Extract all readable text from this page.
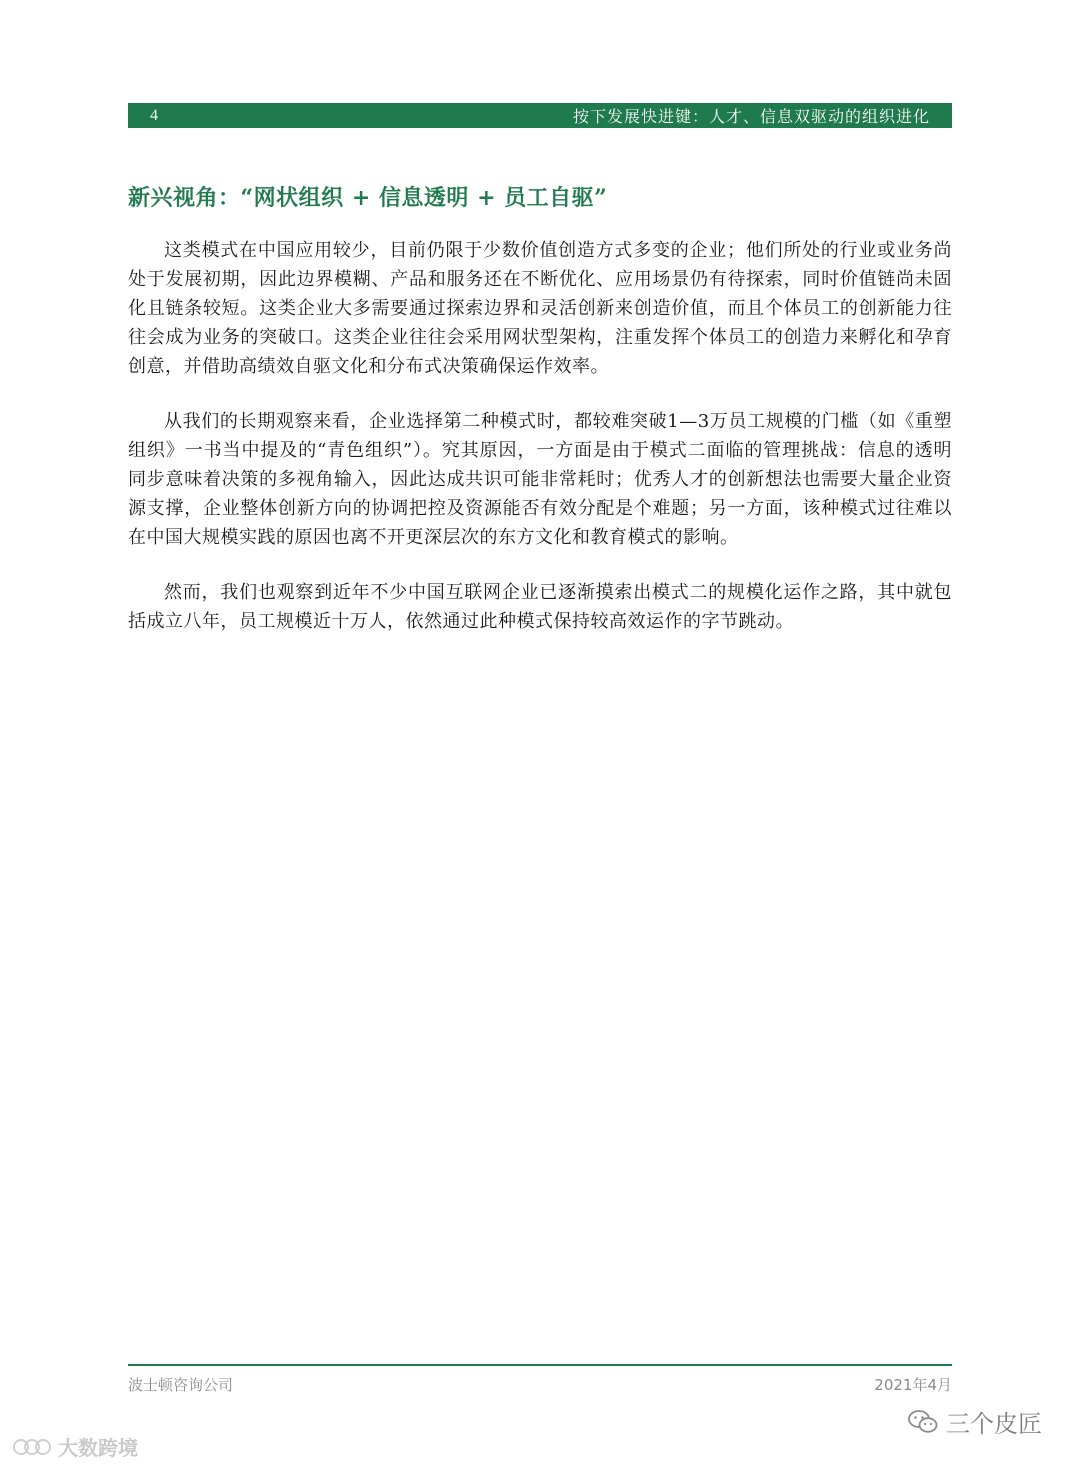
4	按下发展快进键：人才、信息双驱动的组织进化
新兴视角：“网状组织 + 信息透明 + 员工自驱”

这类模式在中国应用较少，目前仍限于少数价值创造方式多变的企业；他们所处的行业或业务尚处于发展初期，因此边界模糊、产品和服务还在不断优化、应用场景仍有待探索，同时价值链尚未固化且链条较短。这类企业大多需要通过探索边界和灵活创新来创造价值，而且个体员工的创新能力往往会成为业务的突破口。这类企业往往会采用网状型架构，注重发挥个体员工的创造力来孵化和孕育创意，并借助高绩效自驱文化和分布式决策确保运作效率。

从我们的长期观察来看，企业选择第二种模式时，都较难突破1—3万员工规模的门槛（如《重塑组织》一书当中提及的“青色组织”）。究其原因，一方面是由于模式二面临的管理挑战：信息的透明同步意味着决策的多视角输入，因此达成共识可能非常耗时；优秀人才的创新想法也需要大量企业资源支撑，企业整体创新方向的协调把控及资源能否有效分配是个难题；另一方面，该种模式过往难以在中国大规模实践的原因也离不开更深层次的东方文化和教育模式的影响。

然而，我们也观察到近年不少中国互联网企业已逐渐摸索出模式二的规模化运作之路，其中就包括成立八年，员工规模近十万人，依然通过此种模式保持较高效运作的字节跳动。

波士顿咨询公司	2021年4月
三个皮匠
大数跨境
